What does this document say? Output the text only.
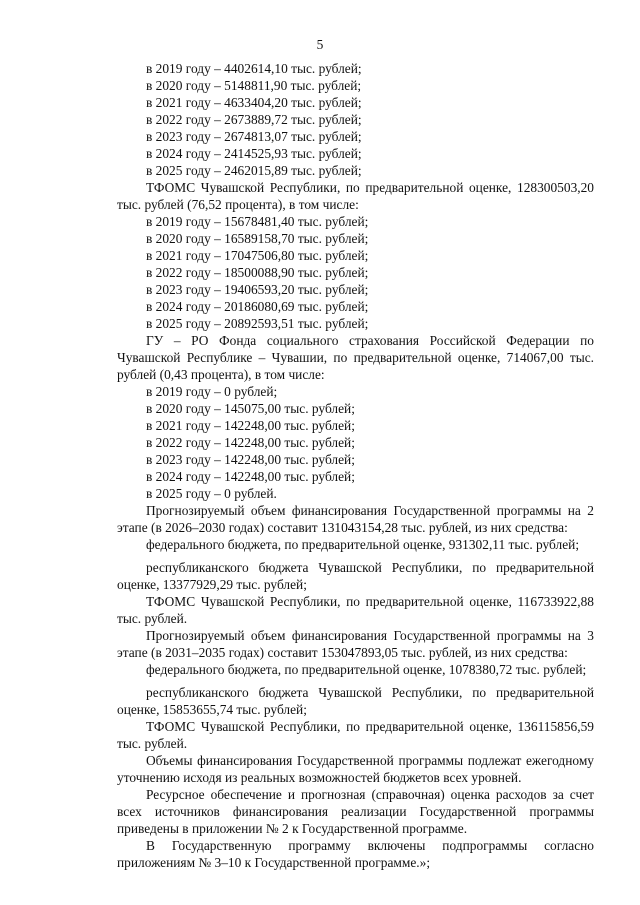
5

в 2019 году – 4402614,10 тыс. рублей;

в 2020 году – 5148811,90 тыс. рублей;

в 2021 году – 4633404,20 тыс. рублей;

в 2022 году – 2673889,72 тыс. рублей;

в 2023 году – 2674813,07 тыс. рублей;

в 2024 году – 2414525,93 тыс. рублей;

в 2025 году – 2462015,89 тыс. рублей;

ТФОМС Чувашской Республики, по предварительной оценке, 128300503,20 тыс. рублей (76,52 процента), в том числе:

в 2019 году – 15678481,40 тыс. рублей;

в 2020 году – 16589158,70 тыс. рублей;

в 2021 году – 17047506,80 тыс. рублей;

в 2022 году – 18500088,90 тыс. рублей;

в 2023 году – 19406593,20 тыс. рублей;

в 2024 году – 20186080,69 тыс. рублей;

в 2025 году – 20892593,51 тыс. рублей;

ГУ – РО Фонда социального страхования Российской Федерации по Чувашской Республике – Чувашии, по предварительной оценке, 714067,00 тыс. рублей (0,43 процента), в том числе:

в 2019 году – 0 рублей;

в 2020 году – 145075,00 тыс. рублей;

в 2021 году – 142248,00 тыс. рублей;

в 2022 году – 142248,00 тыс. рублей;

в 2023 году – 142248,00 тыс. рублей;

в 2024 году – 142248,00 тыс. рублей;

в 2025 году – 0 рублей.

Прогнозируемый объем финансирования Государственной программы на 2 этапе (в 2026–2030 годах) составит 131043154,28 тыс. рублей, из них средства:

федерального бюджета, по предварительной оценке, 931302,11 тыс. рублей;

республиканского бюджета Чувашской Республики, по предварительной оценке, 13377929,29 тыс. рублей;

ТФОМС Чувашской Республики, по предварительной оценке, 116733922,88 тыс. рублей.

Прогнозируемый объем финансирования Государственной программы на 3 этапе (в 2031–2035 годах) составит 153047893,05 тыс. рублей, из них средства:

федерального бюджета, по предварительной оценке, 1078380,72 тыс. рублей;

республиканского бюджета Чувашской Республики, по предварительной оценке, 15853655,74 тыс. рублей;

ТФОМС Чувашской Республики, по предварительной оценке, 136115856,59 тыс. рублей.

Объемы финансирования Государственной программы подлежат ежегодному уточнению исходя из реальных возможностей бюджетов всех уровней.

Ресурсное обеспечение и прогнозная (справочная) оценка расходов за счет всех источников финансирования реализации Государственной программы приведены в приложении № 2 к Государственной программе.

В Государственную программу включены подпрограммы согласно приложениям № 3–10 к Государственной программе.»;
